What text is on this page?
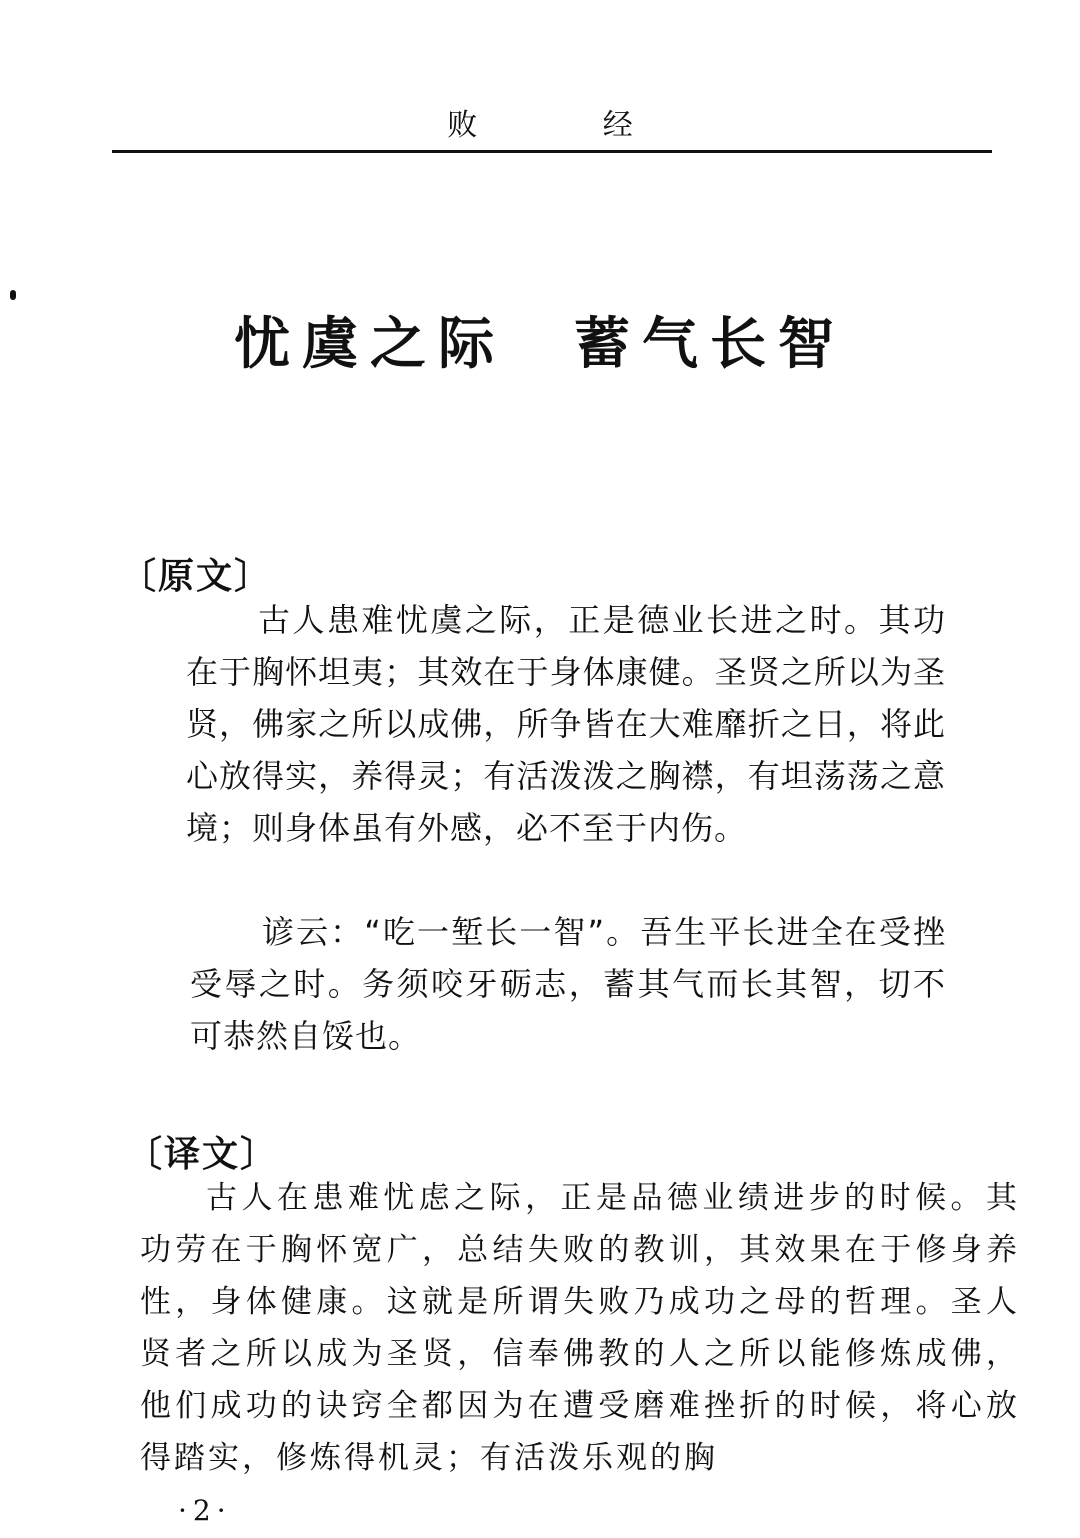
败 经
忧虞之际　蓄气长智
〔原文〕

古人患难忧虞之际，正是德业长进之时。其功在于胸怀坦夷；其效在于身体康健。圣贤之所以为圣贤，佛家之所以成佛，所争皆在大难靡折之日，将此心放得实，养得灵；有活泼泼之胸襟，有坦荡荡之意境；则身体虽有外感，必不至于内伤。

谚云：“吃一堑长一智”。吾生平长进全在受挫受辱之时。务须咬牙砺志，蓄其气而长其智，切不可恭然自馁也。

〔译文〕

古人在患难忧虑之际，正是品德业绩进步的时候。其功劳在于胸怀宽广，总结失败的教训，其效果在于修身养性，身体健康。这就是所谓失败乃成功之母的哲理。圣人贤者之所以成为圣贤，信奉佛教的人之所以能修炼成佛，他们成功的诀窍全都因为在遭受磨难挫折的时候，将心放得踏实，修炼得机灵；有活泼乐观的胸

·2·
